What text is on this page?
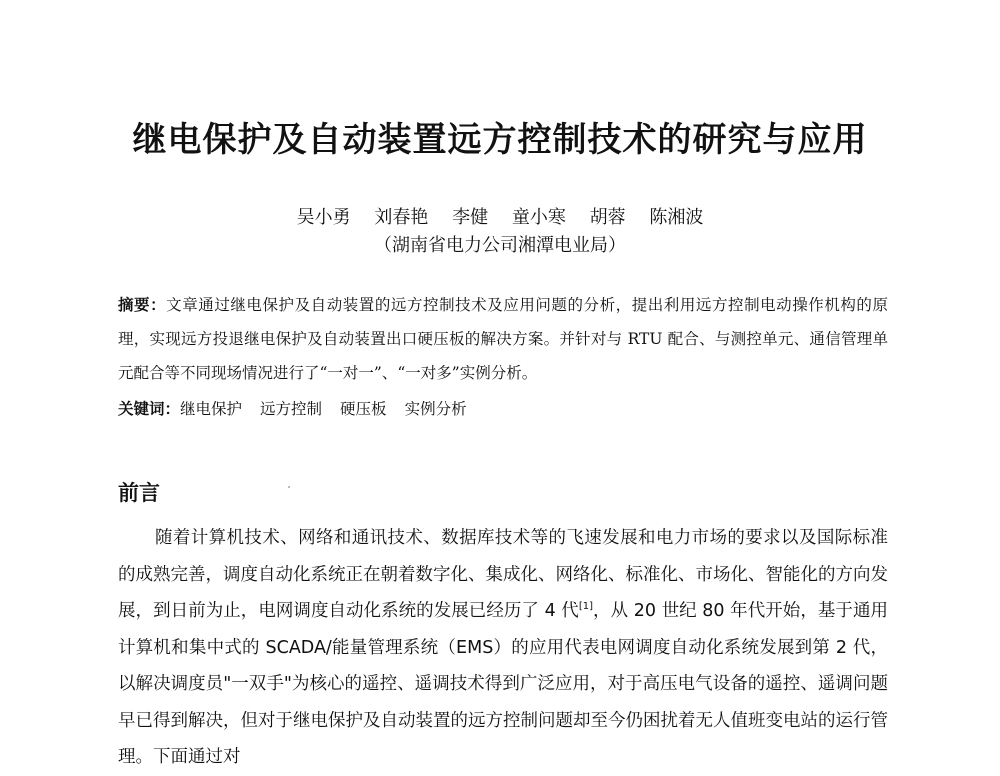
继电保护及自动装置远方控制技术的研究与应用
吴小勇 刘春艳 李健 童小寒 胡蓉 陈湘波
（湖南省电力公司湘潭电业局）
摘要：文章通过继电保护及自动装置的远方控制技术及应用问题的分析，提出利用远方控制电动操作机构的原理，实现远方投退继电保护及自动装置出口硬压板的解决方案。并针对与 RTU 配合、与测控单元、通信管理单元配合等不同现场情况进行了“一对一”、“一对多”实例分析。
关键词：继电保护 远方控制 硬压板 实例分析
前言
随着计算机技术、网络和通讯技术、数据库技术等的飞速发展和电力市场的要求以及国际标准的成熟完善，调度自动化系统正在朝着数字化、集成化、网络化、标准化、市场化、智能化的方向发展，到日前为止，电网调度自动化系统的发展已经历了 4 代[1]，从 20 世纪 80 年代开始，基于通用计算机和集中式的 SCADA/能量管理系统（EMS）的应用代表电网调度自动化系统发展到第 2 代，以解决调度员"一双手"为核心的遥控、遥调技术得到广泛应用，对于高压电气设备的遥控、遥调问题早已得到解决，但对于继电保护及自动装置的远方控制问题却至今仍困扰着无人值班变电站的运行管理。下面通过对
